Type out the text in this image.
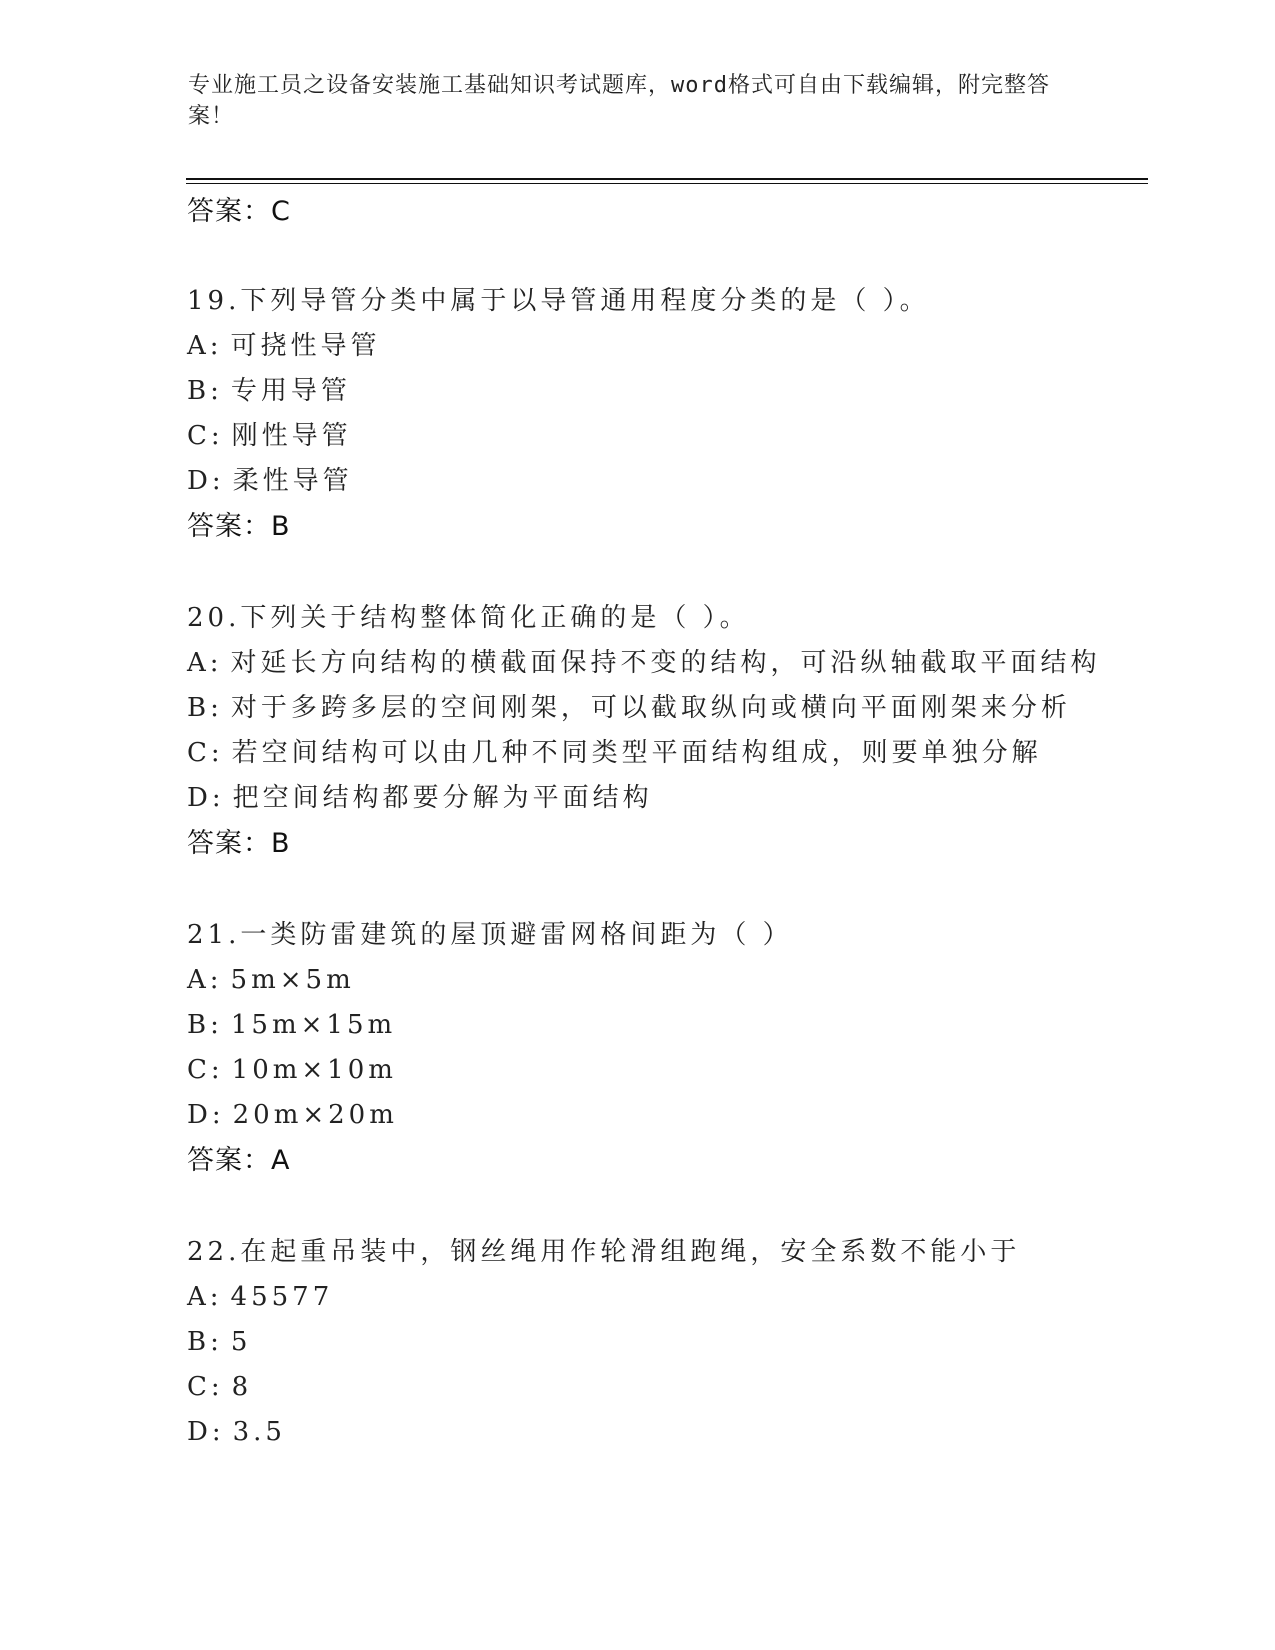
专业施工员之设备安装施工基础知识考试题库，word格式可自由下载编辑，附完整答案！
答案：C
19.下列导管分类中属于以导管通用程度分类的是（ ）。
A: 可挠性导管
B: 专用导管
C: 刚性导管
D: 柔性导管
答案：B
20.下列关于结构整体简化正确的是（ ）。
A: 对延长方向结构的横截面保持不变的结构，可沿纵轴截取平面结构
B: 对于多跨多层的空间刚架，可以截取纵向或横向平面刚架来分析
C: 若空间结构可以由几种不同类型平面结构组成，则要单独分解
D: 把空间结构都要分解为平面结构
答案：B
21.一类防雷建筑的屋顶避雷网格间距为（ ）
A: 5m×5m
B: 15m×15m
C: 10m×10m
D: 20m×20m
答案：A
22.在起重吊装中，钢丝绳用作轮滑组跑绳，安全系数不能小于
A: 45577
B: 5
C: 8
D: 3.5
